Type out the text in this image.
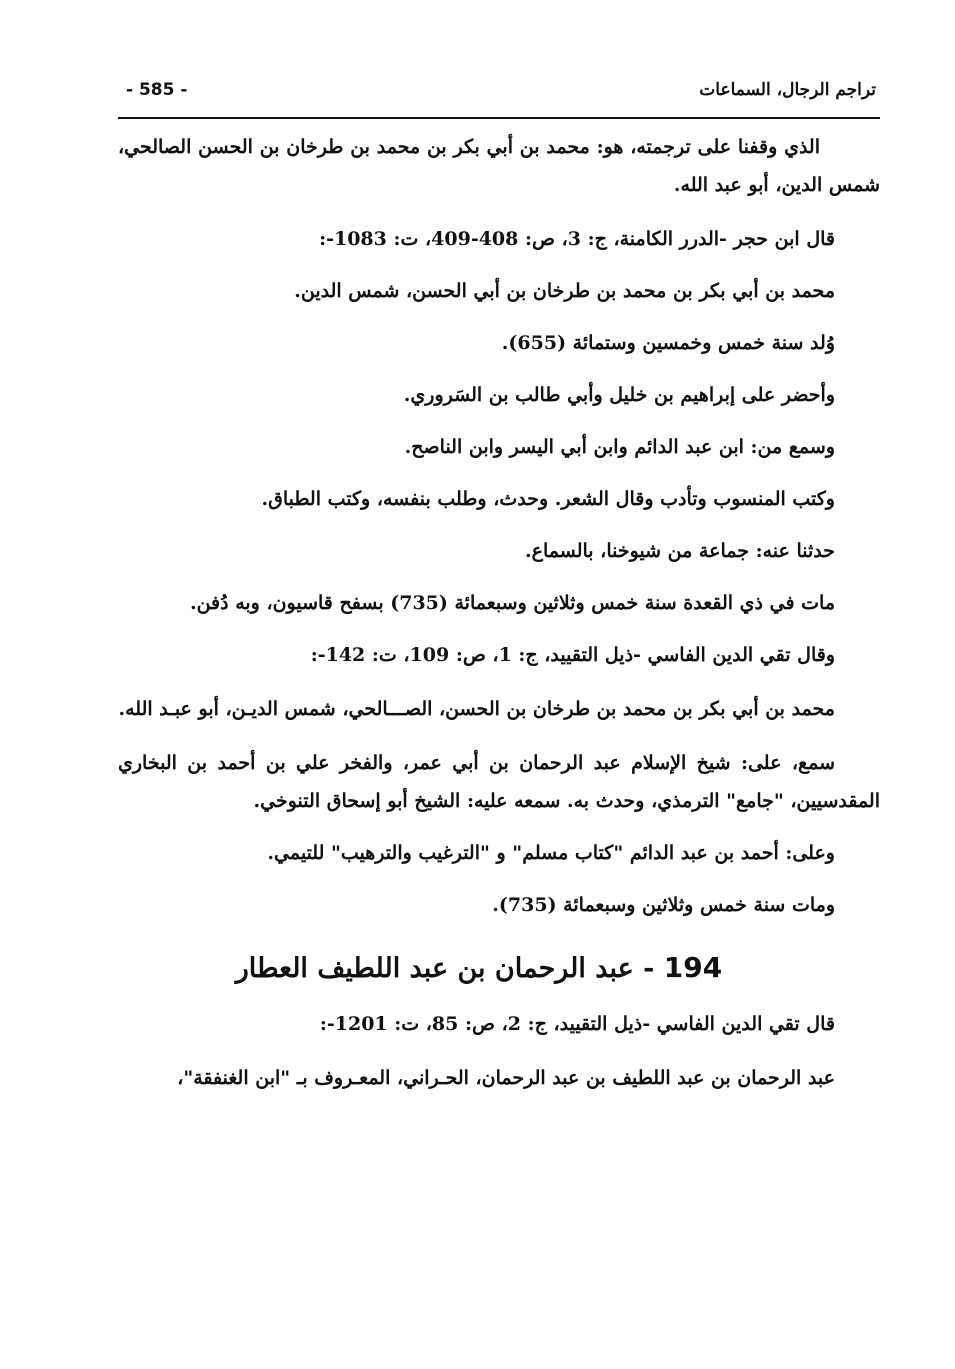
- 585 -	تراجم الرجال، السماعات

الذي وقفنا على ترجمته، هو: محمد بن أبي بكر بن محمد بن طرخان بن الحسن الصالحي، شمس الدين، أبو عبد الله.

قال ابن حجر -الدرر الكامنة، ج: 3، ص: 408-409، ت: 1083-:

محمد بن أبي بكر بن محمد بن طرخان بن أبي الحسن، شمس الدين.

وُلد سنة خمس وخمسين وستمائة (655).

وأحضر على إبراهيم بن خليل وأبي طالب بن السَروري.

وسمع من: ابن عبد الدائم وابن أبي اليسر وابن الناصح.

وكتب المنسوب وتأدب وقال الشعر. وحدث، وطلب بنفسه، وكتب الطباق.

حدثنا عنه: جماعة من شيوخنا، بالسماع.

مات في ذي القعدة سنة خمس وثلاثين وسبعمائة (735) بسفح قاسيون، وبه دُفن.

وقال تقي الدين الفاسي -ذيل التقييد، ج: 1، ص: 109، ت: 142-:

محمد بن أبي بكر بن محمد بن طرخان بن الحسن، الصـــالحي، شمس الديـن، أبو عبـد الله.

سمع، على: شيخ الإسلام عبد الرحمان بن أبي عمر، والفخر علي بن أحمد بن البخاري المقدسيين، "جامع" الترمذي، وحدث به. سمعه عليه: الشيخ أبو إسحاق التنوخي.

وعلى: أحمد بن عبد الدائم "كتاب مسلم" و "الترغيب والترهيب" للتيمي.

ومات سنة خمس وثلاثين وسبعمائة (735).

194 - عبد الرحمان بن عبد اللطيف العطار

قال تقي الدين الفاسي -ذيل التقييد، ج: 2، ص: 85، ت: 1201-:

عبد الرحمان بن عبد اللطيف بن عبد الرحمان، الحـراني، المعـروف بـ "ابن الغنفقة"،
